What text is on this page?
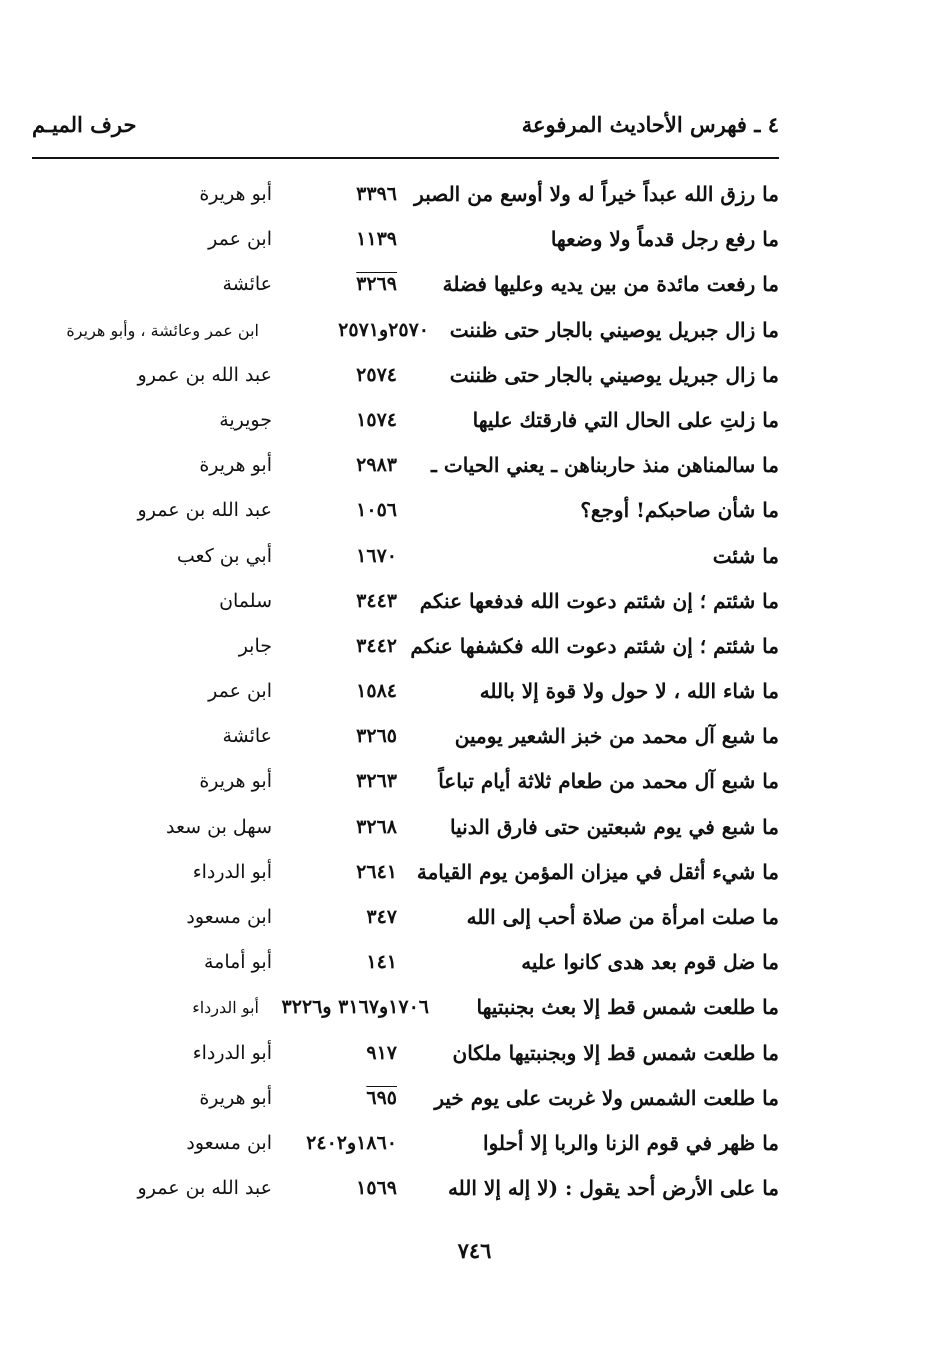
٤ ـ فهرس الأحاديث المرفوعة
حرف الميـم
ما رزق الله عبداً خيراً له ولا أوسع من الصبر
٣٣٩٦
أبو هريرة
ما رفع رجل قدماً ولا وضعها
١١٣٩
ابن عمر
ما رفعت مائدة من بين يديه وعليها فضلة
٣٢٦٩
عائشة
ما زال جبريل يوصيني بالجار حتى ظننت
٢٥٧٠و٢٥٧١
ابن عمر وعائشة ، وأبو هريرة
ما زال جبريل يوصيني بالجار حتى ظننت
٢٥٧٤
عبد الله بن عمرو
ما زلتِ على الحال التي فارقتك عليها
١٥٧٤
جويرية
ما سالمناهن منذ حاربناهن ـ يعني الحيات ـ
٢٩٨٣
أبو هريرة
ما شأن صاحبكم! أوجع؟
١٠٥٦
عبد الله بن عمرو
ما شئت
١٦٧٠
أبي بن كعب
ما شئتم ؛ إن شئتم دعوت الله فدفعها عنكم
٣٤٤٣
سلمان
ما شئتم ؛ إن شئتم دعوت الله فكشفها عنكم
٣٤٤٢
جابر
ما شاء الله ، لا حول ولا قوة إلا بالله
١٥٨٤
ابن عمر
ما شبع آل محمد من خبز الشعير يومين
٣٢٦٥
عائشة
ما شبع آل محمد من طعام ثلاثة أيام تباعاً
٣٢٦٣
أبو هريرة
ما شبع في يوم شبعتين حتى فارق الدنيا
٣٢٦٨
سهل بن سعد
ما شيء أثقل في ميزان المؤمن يوم القيامة
٢٦٤١
أبو الدرداء
ما صلت امرأة من صلاة أحب إلى الله
٣٤٧
ابن مسعود
ما ضل قوم بعد هدى كانوا عليه
١٤١
أبو أمامة
ما طلعت شمس قط إلا بعث بجنبتيها
١٧٠٦و٣١٦٧ و٣٢٢٦
أبو الدرداء
ما طلعت شمس قط إلا وبجنبتيها ملكان
٩١٧
أبو الدرداء
ما طلعت الشمس ولا غربت على يوم خير
٦٩٥
أبو هريرة
ما ظهر في قوم الزنا والربا إلا أحلوا
١٨٦٠و٢٤٠٢
ابن مسعود
ما على الأرض أحد يقول : (لا إله إلا الله
١٥٦٩
عبد الله بن عمرو
٧٤٦
